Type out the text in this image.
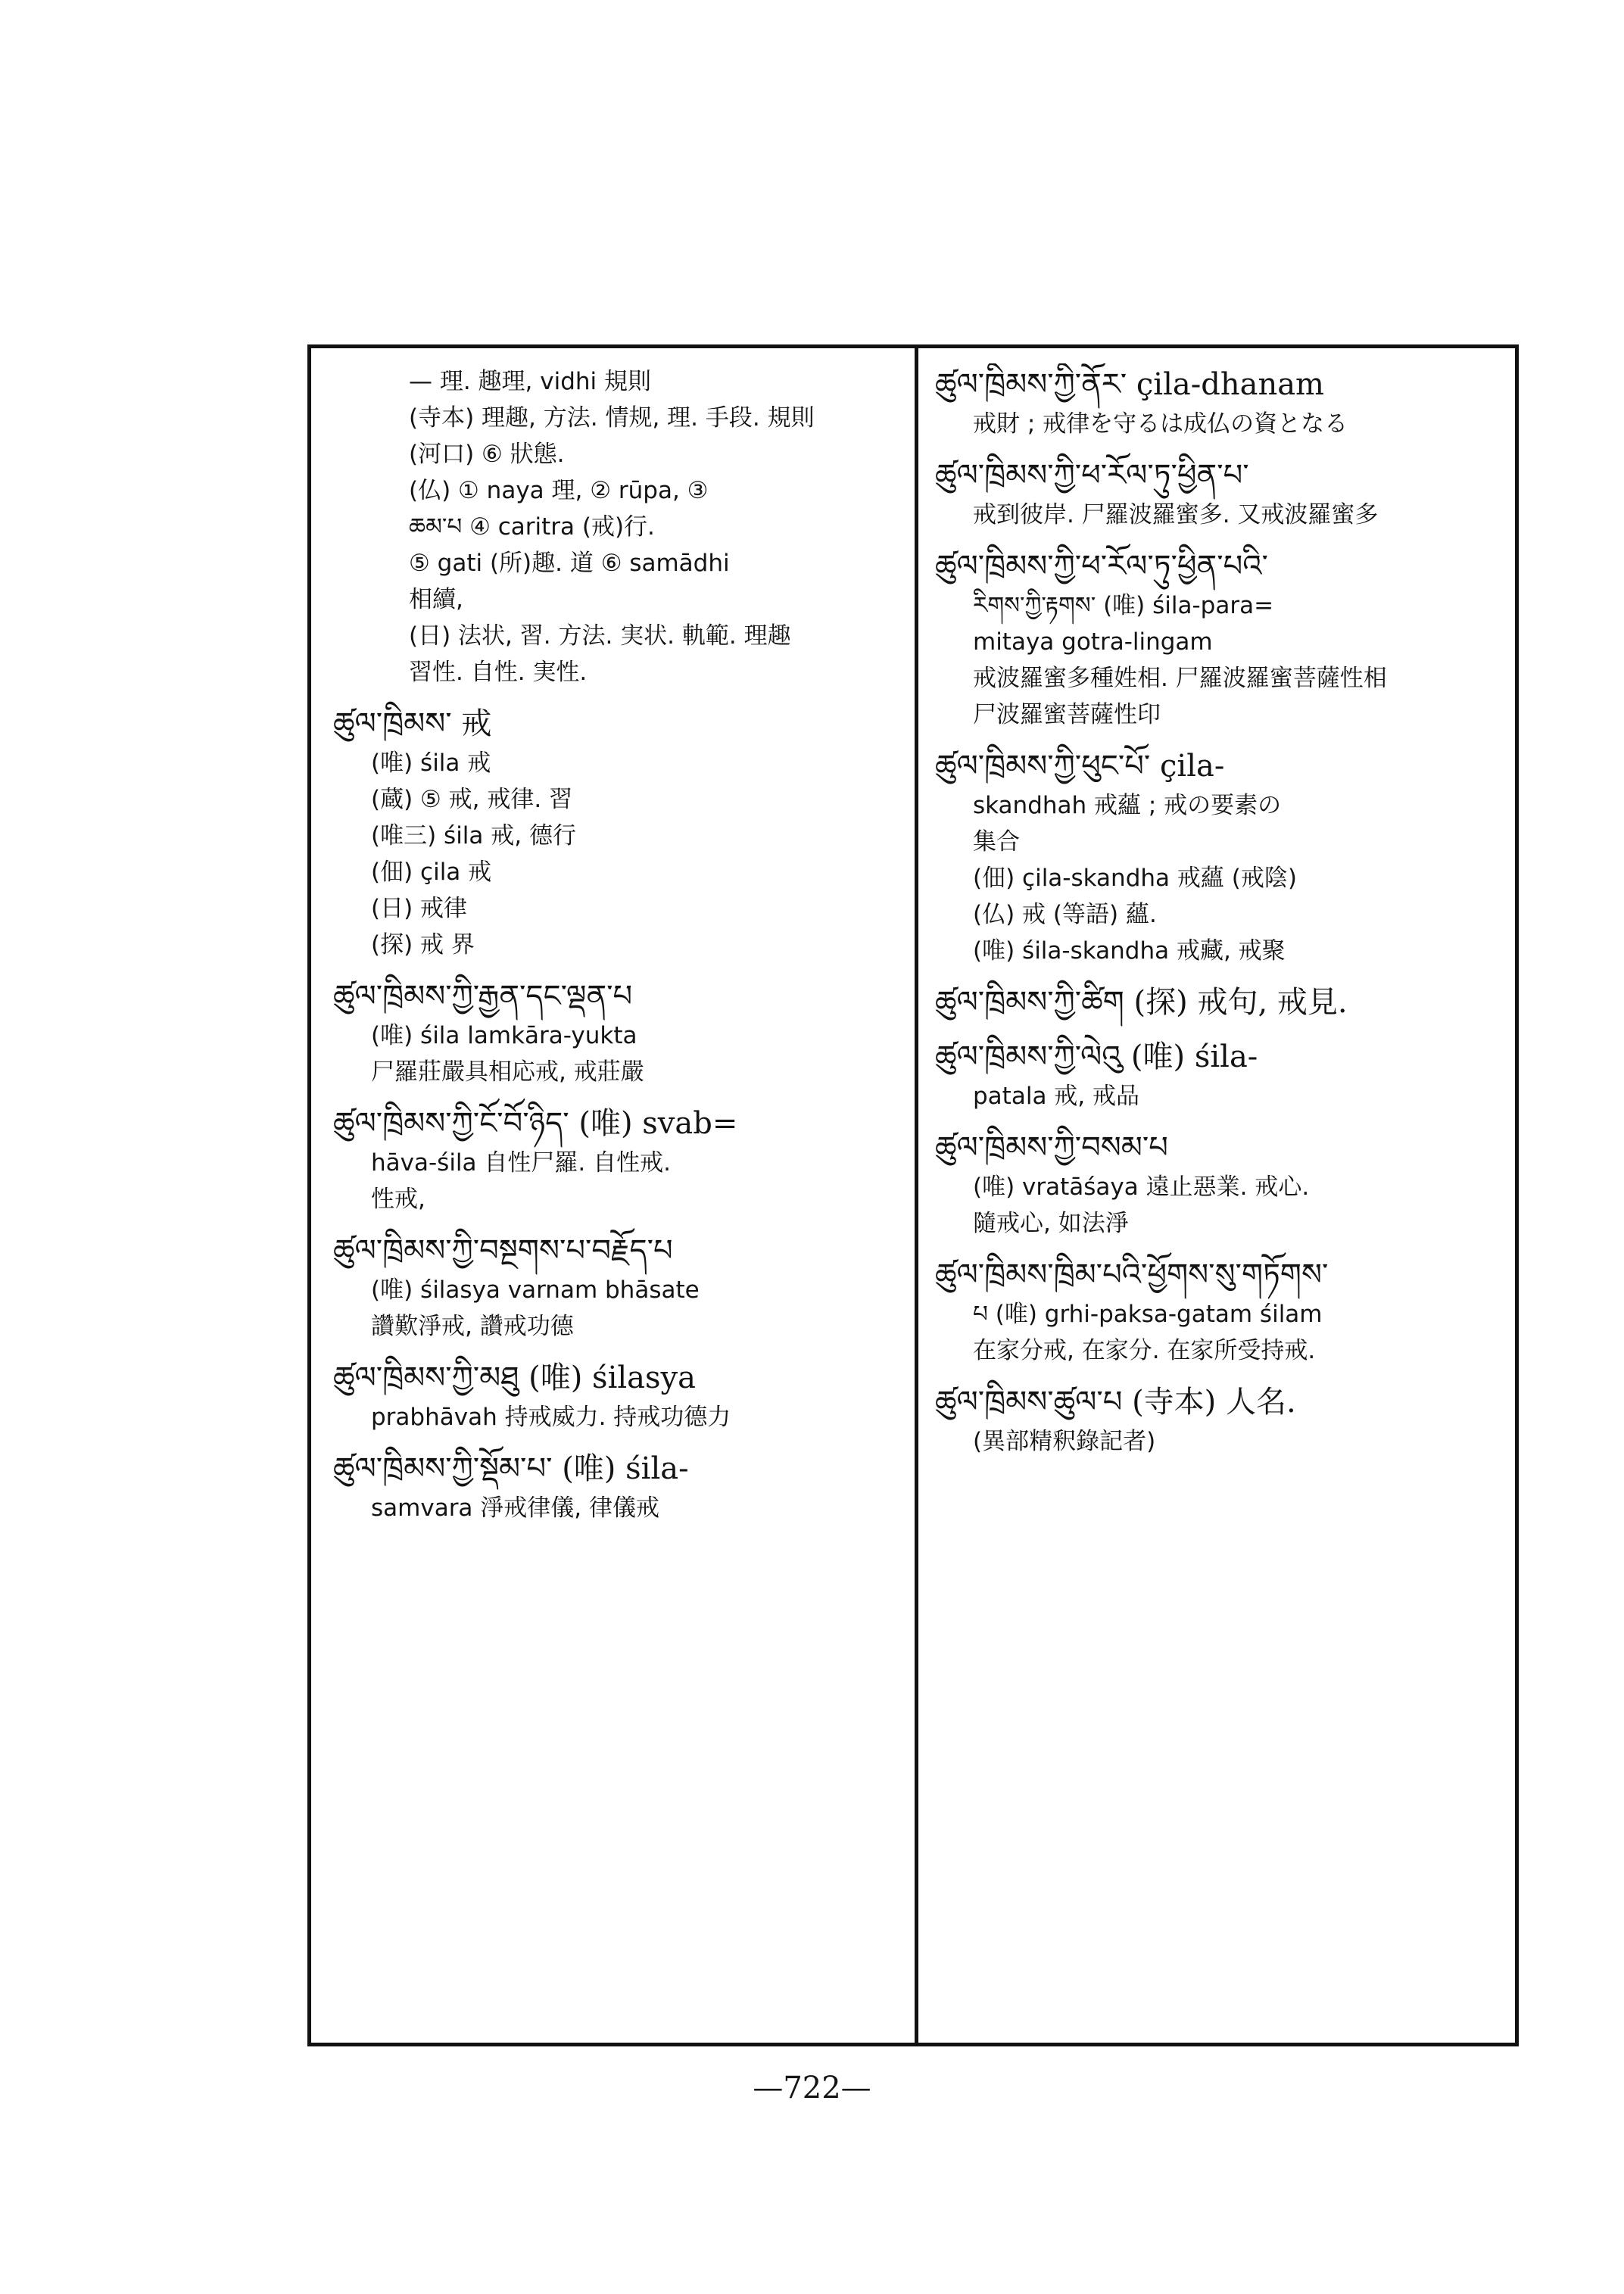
— 理. 趣理, vidhi 規則

(寺本) 理趣, 方法. 情规, 理. 手段. 規則

(河口) ⑥ 狀態.

(仏) ① naya 理, ② rūpa, ③

ཆམ་པ ④ caritra (戒)行.

⑤ gati (所)趣. 道 ⑥ samādhi

相續,

(日) 法状, 習. 方法. 実状. 軌範. 理趣

習性. 自性. 実性.

ཚུལ་ཁྲིམས་ 戒

(唯) śila 戒

(蔵) ⑤ 戒, 戒律. 習

(唯三) śila 戒, 德行

(佃) çila 戒

(日) 戒律

(探) 戒 界

ཚུལ་ཁྲིམས་ཀྱི་རྒྱན་དང་ལྡན་པ

(唯) śila lamkāra-yukta

尸羅莊嚴具相応戒, 戒莊嚴

ཚུལ་ཁྲིམས་ཀྱི་ངོ་བོ་ཉིད་ (唯) svab=

hāva-śila 自性尸羅. 自性戒.

性戒,

ཚུལ་ཁྲིམས་ཀྱི་བསྔགས་པ་བརྗོད་པ

(唯) śilasya varnam bhāsate

讚歎淨戒, 讚戒功德

ཚུལ་ཁྲིམས་ཀྱི་མཐུ (唯) śilasya

prabhāvah 持戒威力. 持戒功德力

ཚུལ་ཁྲིམས་ཀྱི་སྡོམ་པ་ (唯) śila-

samvara 淨戒律儀, 律儀戒

ཚུལ་ཁྲིམས་ཀྱི་ནོར་ çila-dhanam

戒財 ; 戒律を守るは成仏の資となる

ཚུལ་ཁྲིམས་ཀྱི་ཕ་རོལ་ཏུ་ཕྱིན་པ་

戒到彼岸. 尸羅波羅蜜多. 又戒波羅蜜多

ཚུལ་ཁྲིམས་ཀྱི་ཕ་རོལ་ཏུ་ཕྱིན་པའི་

རིགས་ཀྱི་རྟགས་ (唯) śila-para=

mitaya gotra-lingam

戒波羅蜜多種姓相. 尸羅波羅蜜菩薩性相

尸波羅蜜菩薩性印

ཚུལ་ཁྲིམས་ཀྱི་ཕུང་པོ་ çila-

skandhah 戒蘊 ; 戒の要素の

集合

(佃) çila-skandha 戒蘊 (戒陰)

(仏) 戒 (等語) 蘊.

(唯) śila-skandha 戒藏, 戒聚

ཚུལ་ཁྲིམས་ཀྱི་ཚིག (探) 戒句, 戒見.

ཚུལ་ཁྲིམས་ཀྱི་ལེའུ (唯) śila-

patala 戒, 戒品

ཚུལ་ཁྲིམས་ཀྱི་བསམ་པ

(唯) vratāśaya 遠止惡業. 戒心.

隨戒心, 如法淨

ཚུལ་ཁྲིམས་ཁྲིམ་པའི་ཕྱོགས་སུ་གཏོགས་

པ (唯) grhi-paksa-gatam śilam

在家分戒, 在家分. 在家所受持戒.

ཚུལ་ཁྲིམས་ཚུལ་པ (寺本) 人名.

(異部精釈錄記者)

—722—
